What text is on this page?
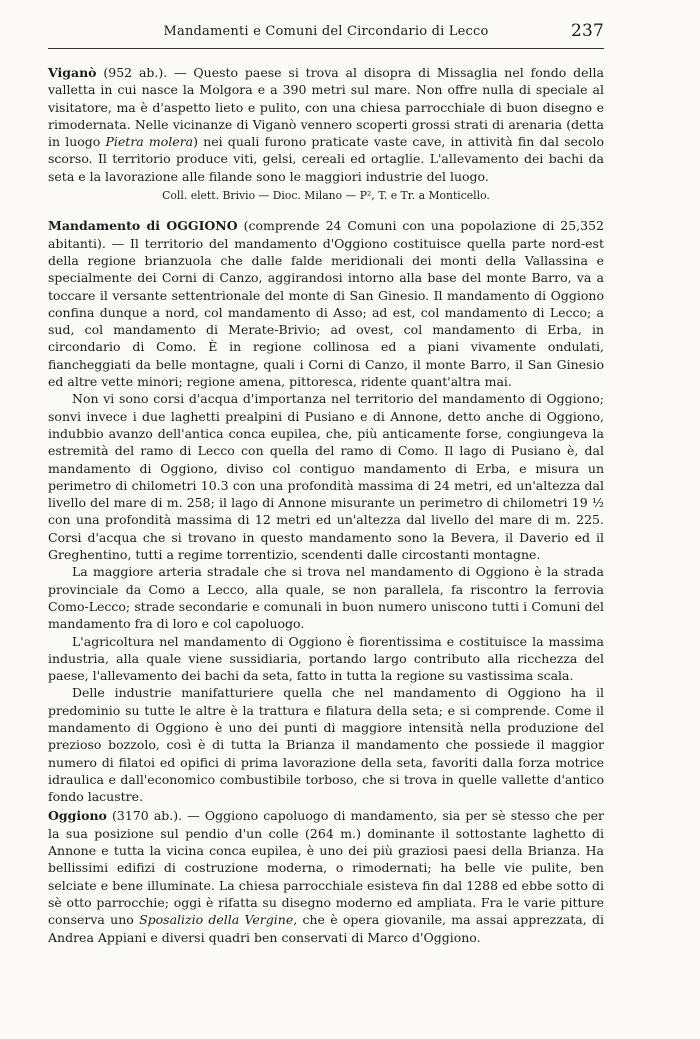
Mandamenti e Comuni del Circondario di Lecco	237

Viganò (952 ab.). — Questo paese si trova al disopra di Missaglia nel fondo della valletta in cui nasce la Molgora e a 390 metri sul mare. Non offre nulla di speciale al visitatore, ma è d'aspetto lieto e pulito, con una chiesa parrocchiale di buon disegno e rimodernata. Nelle vicinanze di Viganò vennero scoperti grossi strati di arenaria (detta in luogo Pietra molera) nei quali furono praticate vaste cave, in attività fin dal secolo scorso. Il territorio produce viti, gelsi, cereali ed ortaglie. L'allevamento dei bachi da seta e la lavorazione alle filande sono le maggiori industrie del luogo.

Coll. elett. Brivio — Dioc. Milano — P², T. e Tr. a Monticello.

Mandamento di OGGIONO (comprende 24 Comuni con una popolazione di 25,352 abitanti). — Il territorio del mandamento d'Oggiono costituisce quella parte nord-est della regione brianzuola che dalle falde meridionali dei monti della Vallassina e specialmente dei Corni di Canzo, aggirandosi intorno alla base del monte Barro, va a toccare il versante settentrionale del monte di San Ginesio. Il mandamento di Oggiono confina dunque a nord, col mandamento di Asso; ad est, col mandamento di Lecco; a sud, col mandamento di Merate-Brivio; ad ovest, col mandamento di Erba, in circondario di Como. È in regione collinosa ed a piani vivamente ondulati, fiancheggiati da belle montagne, quali i Corni di Canzo, il monte Barro, il San Ginesio ed altre vette minori; regione amena, pittoresca, ridente quant'altra mai.

Non vi sono corsi d'acqua d'importanza nel territorio del mandamento di Oggiono; sonvi invece i due laghetti prealpini di Pusiano e di Annone, detto anche di Oggiono, indubbio avanzo dell'antica conca eupilea, che, più anticamente forse, congiungeva la estremità del ramo di Lecco con quella del ramo di Como. Il lago di Pusiano è, dal mandamento di Oggiono, diviso col contiguo mandamento di Erba, e misura un perimetro di chilometri 10.3 con una profondità massima di 24 metri, ed un'altezza dal livello del mare di m. 258; il lago di Annone misurante un perimetro di chilometri 19 ½ con una profondità massima di 12 metri ed un'altezza dal livello del mare di m. 225. Corsi d'acqua che si trovano in questo mandamento sono la Bevera, il Daverio ed il Greghentino, tutti a regime torrentizio, scendenti dalle circostanti montagne.

La maggiore arteria stradale che si trova nel mandamento di Oggiono è la strada provinciale da Como a Lecco, alla quale, se non parallela, fa riscontro la ferrovia Como-Lecco; strade secondarie e comunali in buon numero uniscono tutti i Comuni del mandamento fra di loro e col capoluogo.

L'agricoltura nel mandamento di Oggiono è fiorentissima e costituisce la massima industria, alla quale viene sussidiaria, portando largo contributo alla ricchezza del paese, l'allevamento dei bachi da seta, fatto in tutta la regione su vastissima scala.

Delle industrie manifatturiere quella che nel mandamento di Oggiono ha il predominio su tutte le altre è la trattura e filatura della seta; e si comprende. Come il mandamento di Oggiono è uno dei punti di maggiore intensità nella produzione del prezioso bozzolo, così è di tutta la Brianza il mandamento che possiede il maggior numero di filatoi ed opifici di prima lavorazione della seta, favoriti dalla forza motrice idraulica e dall'economico combustibile torboso, che si trova in quelle vallette d'antico fondo lacustre.

Oggiono (3170 ab.). — Oggiono capoluogo di mandamento, sia per sè stesso che per la sua posizione sul pendio d'un colle (264 m.) dominante il sottostante laghetto di Annone e tutta la vicina conca eupilea, è uno dei più graziosi paesi della Brianza. Ha bellissimi edifizi di costruzione moderna, o rimodernati; ha belle vie pulite, ben selciate e bene illuminate. La chiesa parrocchiale esisteva fin dal 1288 ed ebbe sotto di sè otto parrocchie; oggi è rifatta su disegno moderno ed ampliata. Fra le varie pitture conserva uno Sposalizio della Vergine, che è opera giovanile, ma assai apprezzata, di Andrea Appiani e diversi quadri ben conservati di Marco d'Oggiono.
